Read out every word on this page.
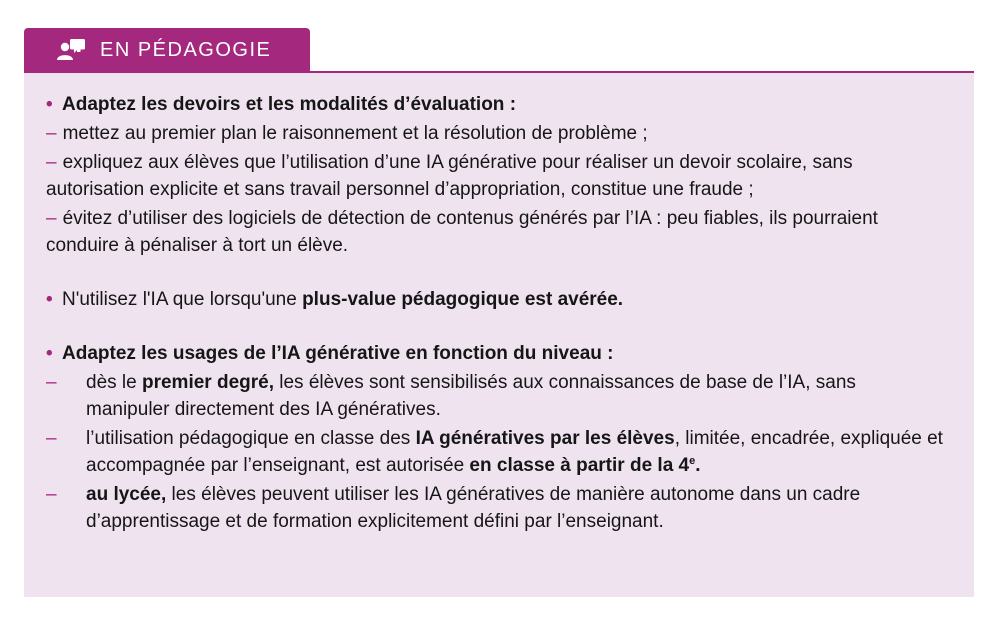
EN PÉDAGOGIE
• Adaptez les devoirs et les modalités d’évaluation :
– mettez au premier plan le raisonnement et la résolution de problème ;
– expliquez aux élèves que l’utilisation d’une IA générative pour réaliser un devoir scolaire, sans autorisation explicite et sans travail personnel d’appropriation, constitue une fraude ;
– évitez d’utiliser des logiciels de détection de contenus générés par l’IA : peu fiables, ils pourraient conduire à pénaliser à tort un élève.
• N'utilisez l'IA que lorsqu'une plus-value pédagogique est avérée.
• Adaptez les usages de l’IA générative en fonction du niveau :
– dès le premier degré, les élèves sont sensibilisés aux connaissances de base de l’IA, sans manipuler directement des IA génératives.
– l’utilisation pédagogique en classe des IA génératives par les élèves, limitée, encadrée, expliquée et accompagnée par l’enseignant, est autorisée en classe à partir de la 4e.
– au lycée, les élèves peuvent utiliser les IA génératives de manière autonome dans un cadre d’apprentissage et de formation explicitement défini par l’enseignant.
